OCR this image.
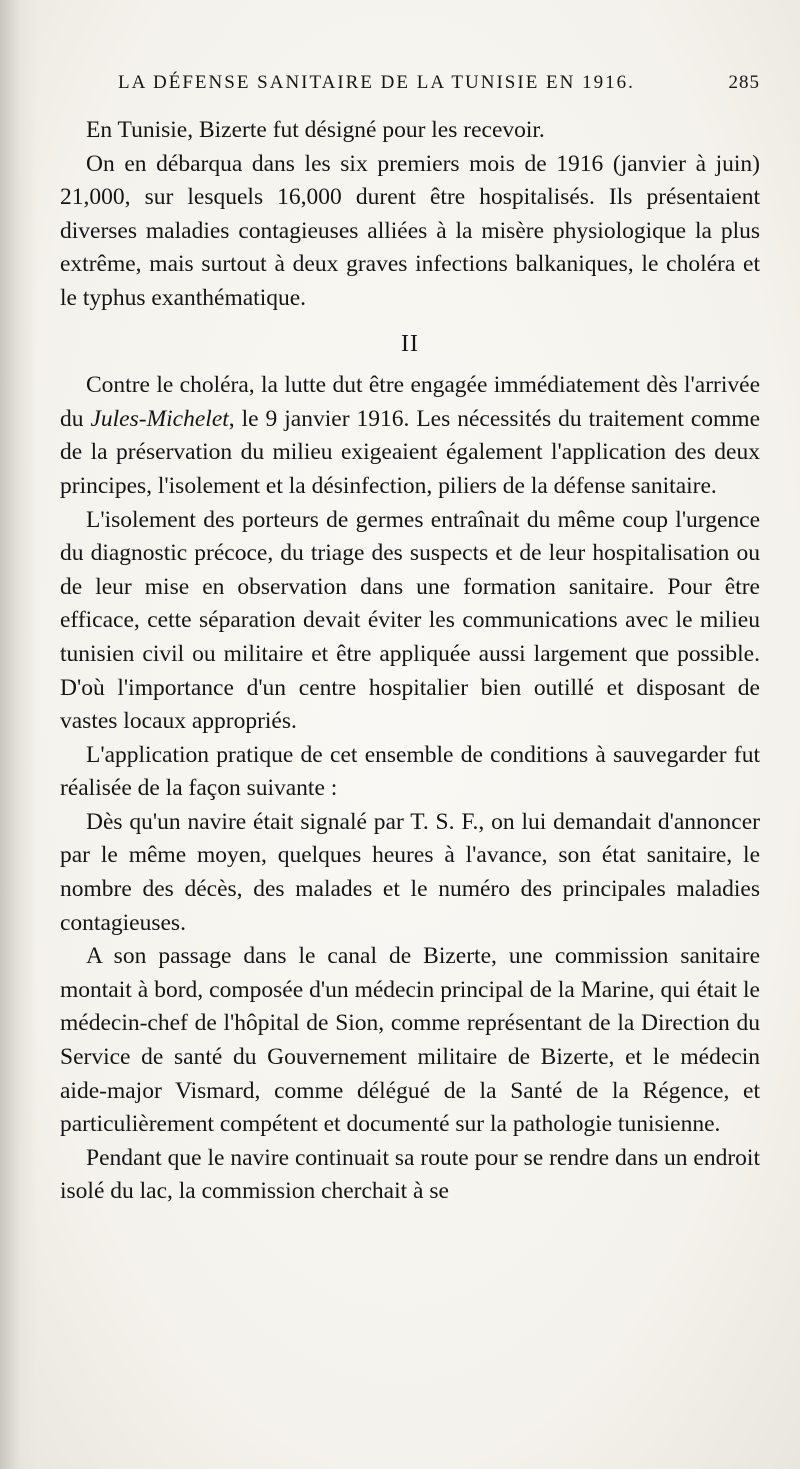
LA DÉFENSE SANITAIRE DE LA TUNISIE EN 1916.	285

En Tunisie, Bizerte fut désigné pour les recevoir.

On en débarqua dans les six premiers mois de 1916 (janvier à juin) 21,000, sur lesquels 16,000 durent être hospitalisés. Ils présentaient diverses maladies contagieuses alliées à la misère physiologique la plus extrême, mais surtout à deux graves infections balkaniques, le choléra et le typhus exanthématique.

II

Contre le choléra, la lutte dut être engagée immédiatement dès l'arrivée du Jules-Michelet, le 9 janvier 1916. Les nécessités du traitement comme de la préservation du milieu exigeaient également l'application des deux principes, l'isolement et la désinfection, piliers de la défense sanitaire.

L'isolement des porteurs de germes entraînait du même coup l'urgence du diagnostic précoce, du triage des suspects et de leur hospitalisation ou de leur mise en observation dans une formation sanitaire. Pour être efficace, cette séparation devait éviter les communications avec le milieu tunisien civil ou militaire et être appliquée aussi largement que possible. D'où l'importance d'un centre hospitalier bien outillé et disposant de vastes locaux appropriés.

L'application pratique de cet ensemble de conditions à sauvegarder fut réalisée de la façon suivante :

Dès qu'un navire était signalé par T. S. F., on lui demandait d'annoncer par le même moyen, quelques heures à l'avance, son état sanitaire, le nombre des décès, des malades et le numéro des principales maladies contagieuses.

A son passage dans le canal de Bizerte, une commission sanitaire montait à bord, composée d'un médecin principal de la Marine, qui était le médecin-chef de l'hôpital de Sion, comme représentant de la Direction du Service de santé du Gouvernement militaire de Bizerte, et le médecin aide-major Vismard, comme délégué de la Santé de la Régence, et particulièrement compétent et documenté sur la pathologie tunisienne.

Pendant que le navire continuait sa route pour se rendre dans un endroit isolé du lac, la commission cherchait à se
